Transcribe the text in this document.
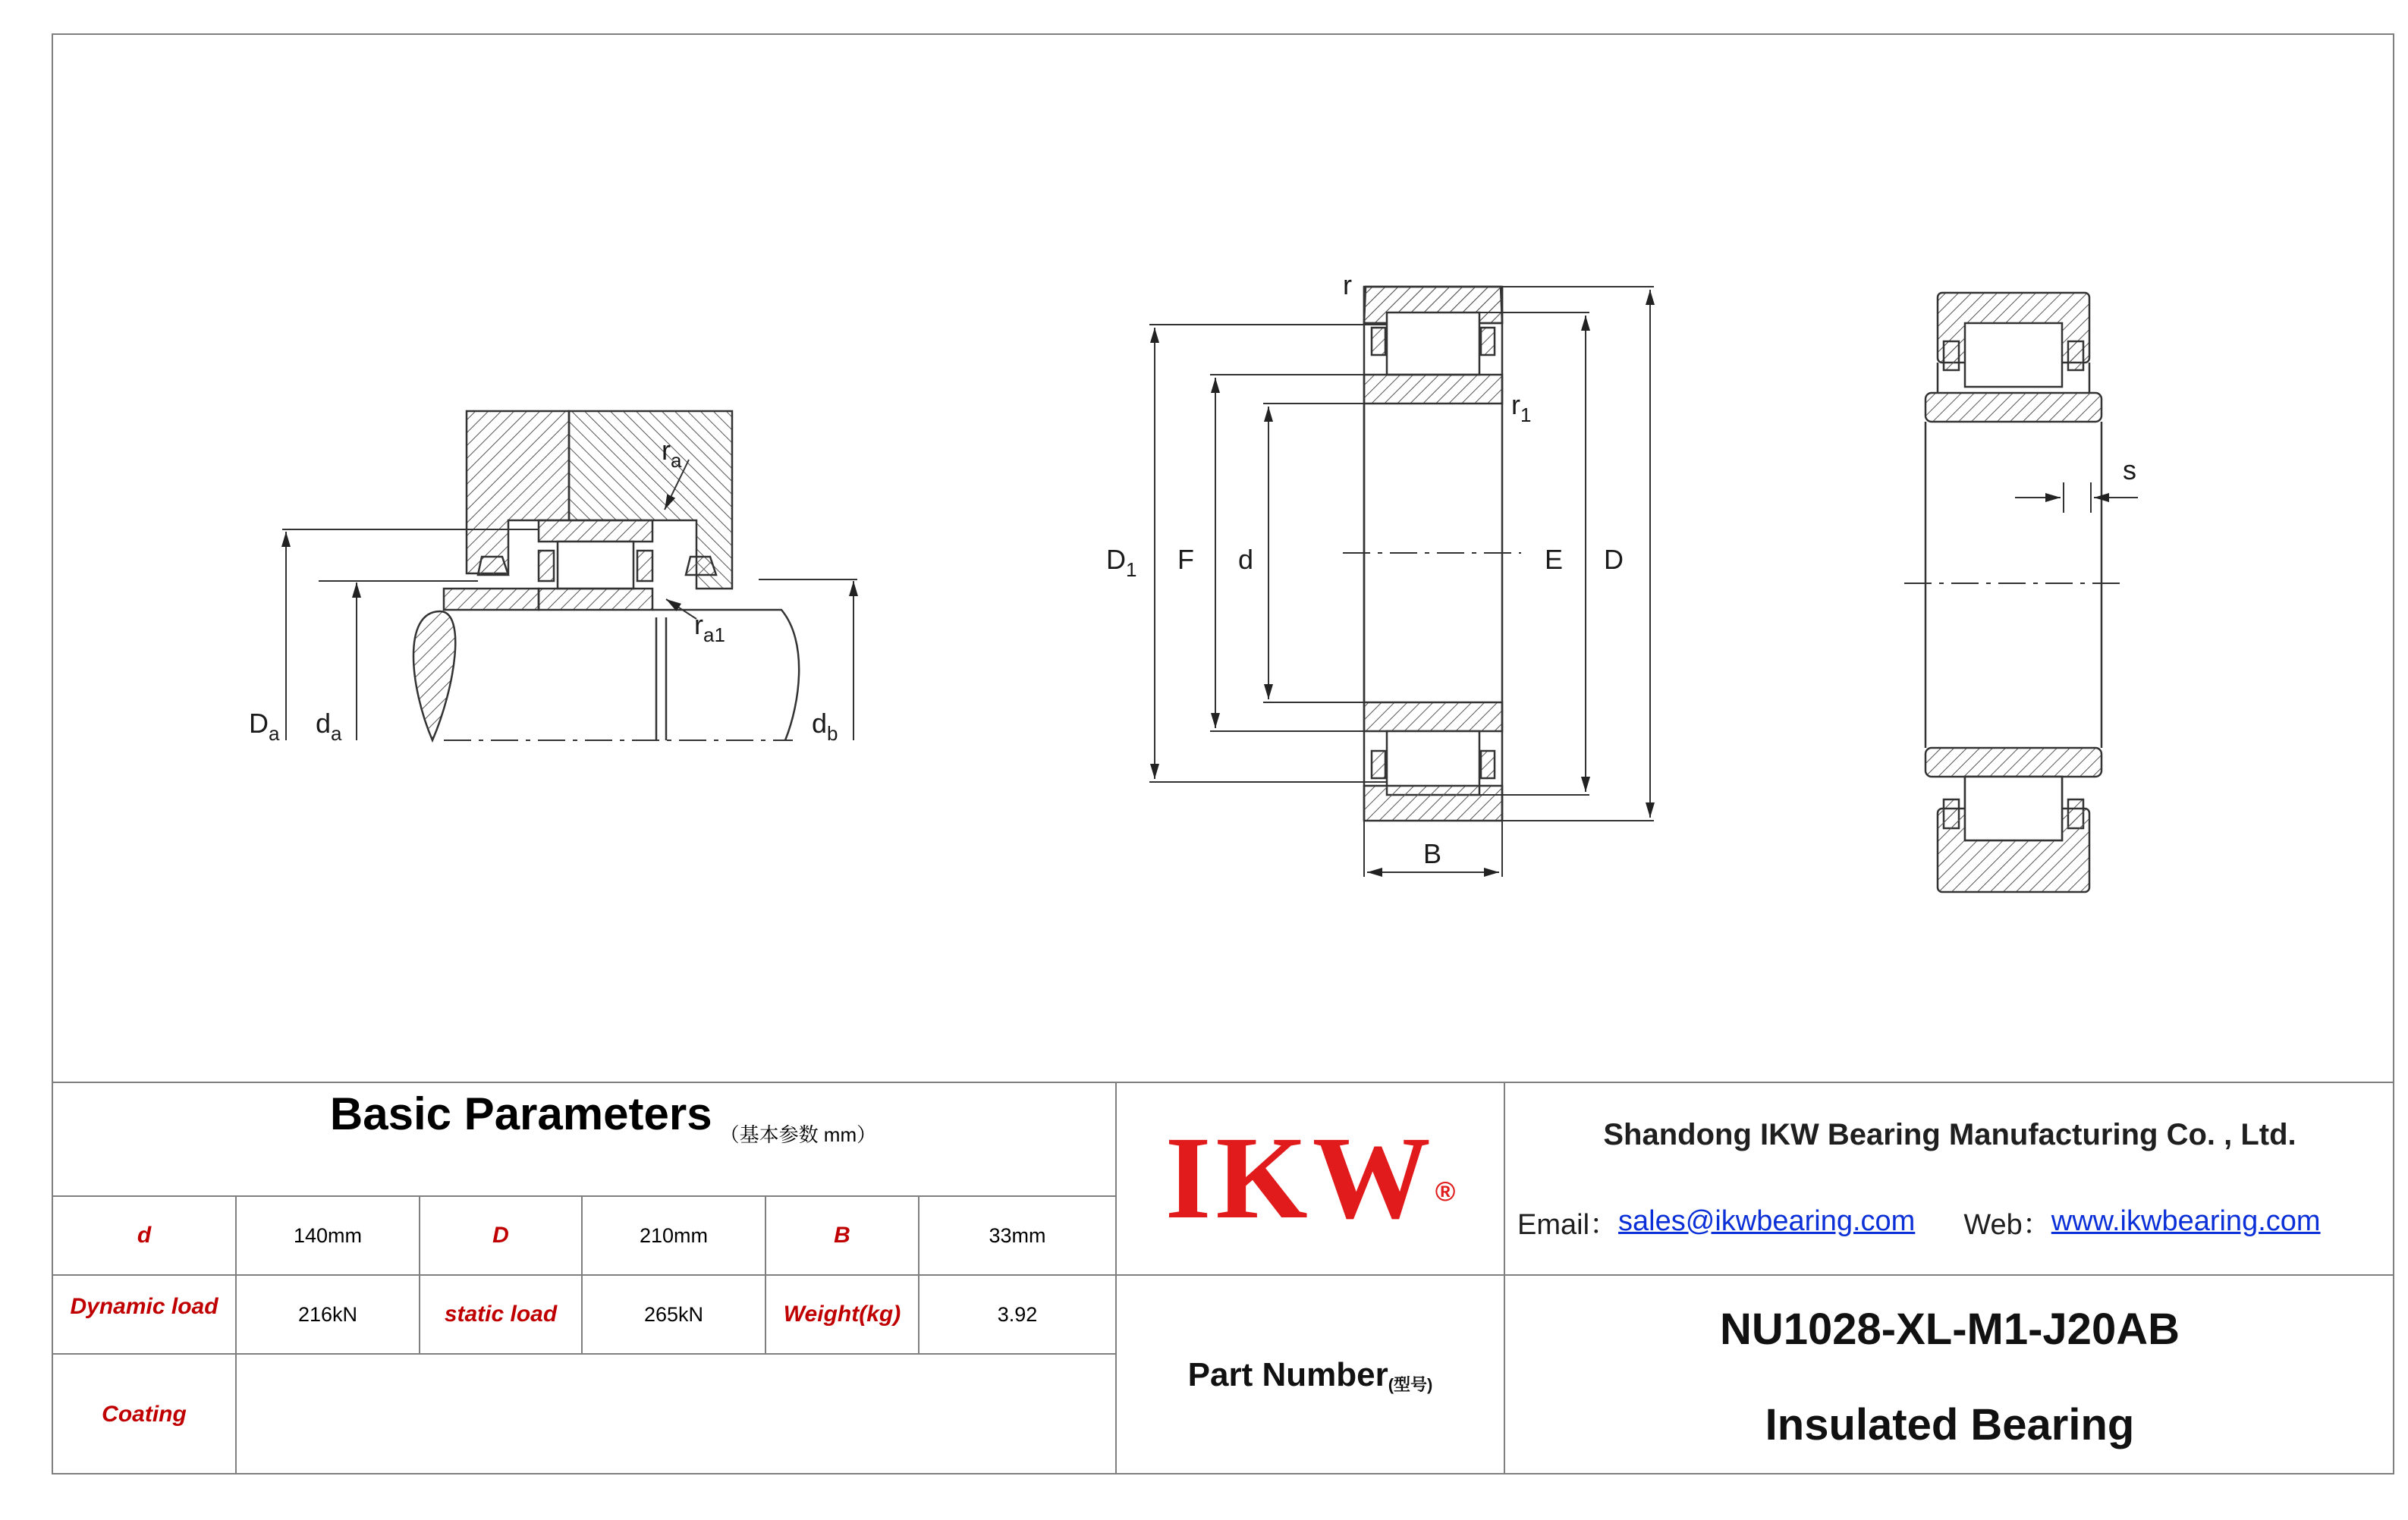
$D_a$ $d_a$	$d_b$
$r_a$
$r_{a1}$
r
$r_1$
$D_1$ F d	E D
B
s
Basic Parameters （基本参数 mm）
d	140mm	D	210mm	B	33mm
Dynamic load	216kN	static load	265kN	Weight(kg)	3.92
Coating
IKW ®
Part Number (型号)
Shandong IKW Bearing Manufacturing Co. , Ltd.
Email： sales@ikwbearing.com Web： www.ikwbearing.com
NU1028-XL-M1-J20AB
Insulated Bearing
